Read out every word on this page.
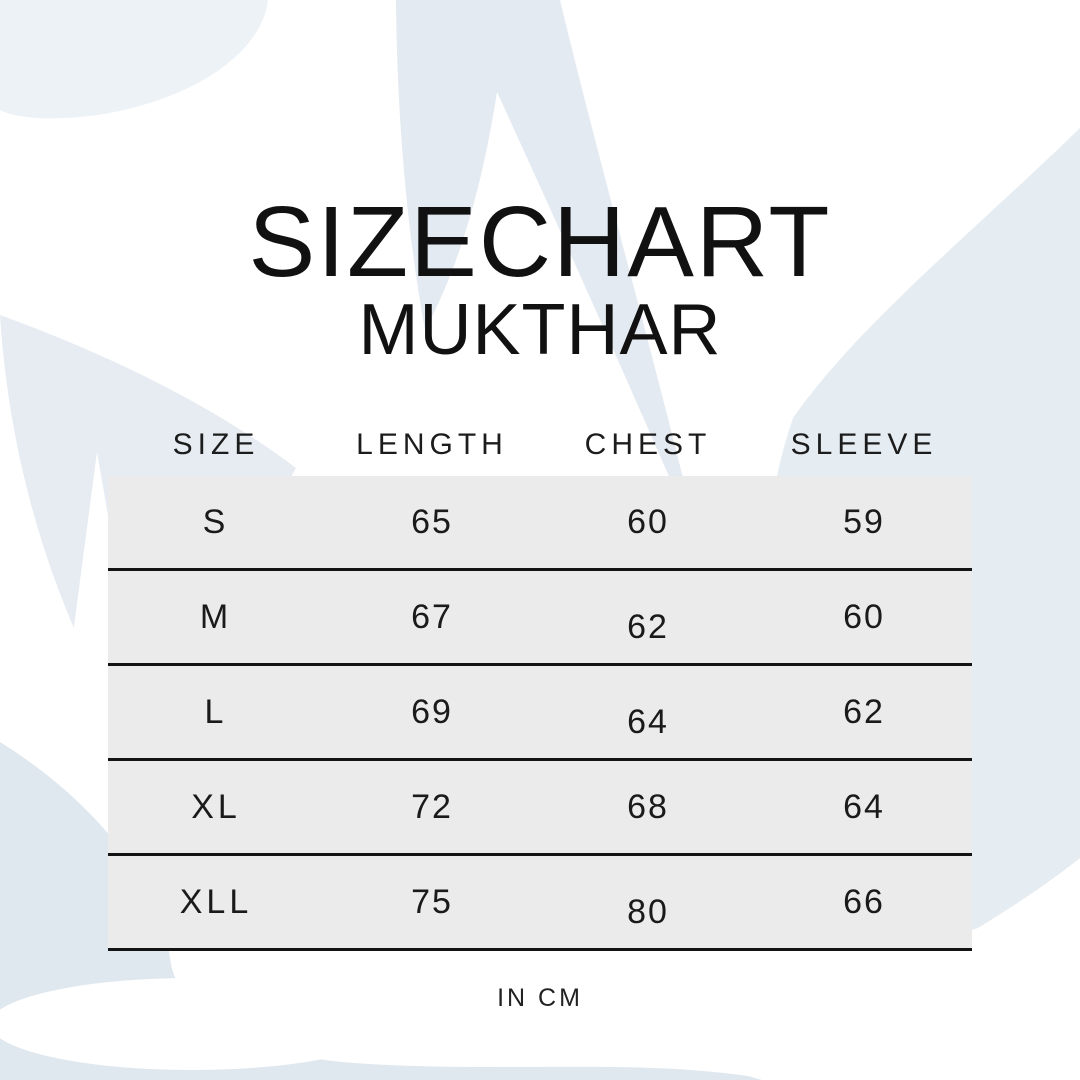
SIZECHART
MUKTHAR
SIZE	LENGTH	CHEST	SLEEVE
S	65	60	59
M	67	62	60
L	69	64	62
XL	72	68	64
XLL	75	80	66
IN CM
